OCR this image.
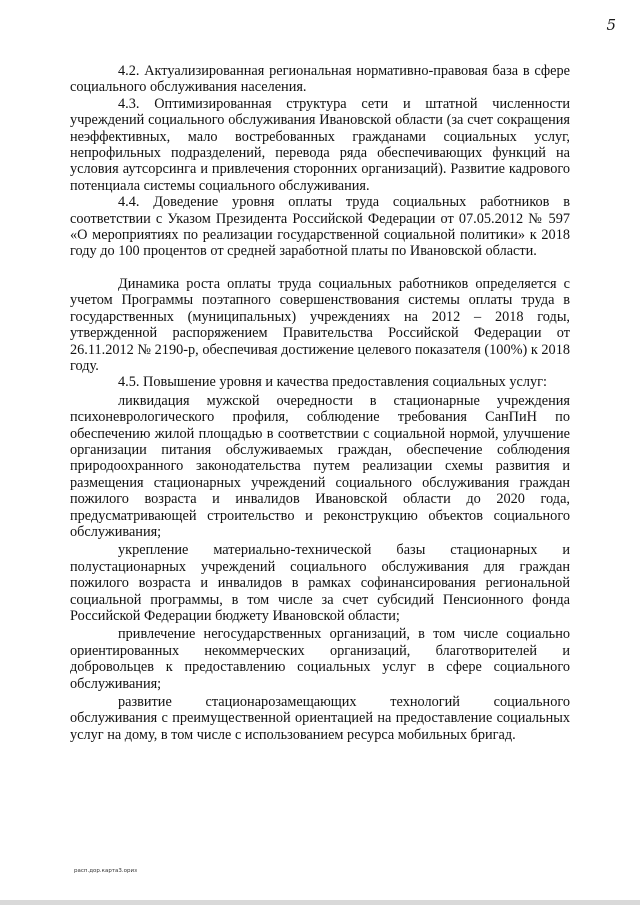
5

4.2. Актуализированная региональная нормативно-правовая база в сфере социального обслуживания населения.

4.3. Оптимизированная структура сети и штатной численности учреждений социального обслуживания Ивановской области (за счет сокращения неэффективных, мало востребованных гражданами социальных услуг, непрофильных подразделений, перевода ряда обеспечивающих функций на условия аутсорсинга и привлечения сторонних организаций). Развитие кадрового потенциала системы социального обслуживания.

4.4. Доведение уровня оплаты труда социальных работников в соответствии с Указом Президента Российской Федерации от 07.05.2012 № 597 «О мероприятиях по реализации государственной социальной политики» к 2018 году до 100 процентов от средней заработной платы по Ивановской области.

Динамика роста оплаты труда социальных работников определяется с учетом Программы поэтапного совершенствования системы оплаты труда в государственных (муниципальных) учреждениях на 2012 – 2018 годы, утвержденной распоряжением Правительства Российской Федерации от 26.11.2012 № 2190-р, обеспечивая достижение целевого показателя (100%) к 2018 году.

4.5. Повышение уровня и качества предоставления социальных услуг:

ликвидация мужской очередности в стационарные учреждения психоневрологического профиля, соблюдение требования СанПиН по обеспечению жилой площадью в соответствии с социальной нормой, улучшение организации питания обслуживаемых граждан, обеспечение соблюдения природоохранного законодательства путем реализации схемы развития и размещения стационарных учреждений социального обслуживания граждан пожилого возраста и инвалидов Ивановской области до 2020 года, предусматривающей строительство и реконструкцию объектов социального обслуживания;

укрепление материально-технической базы стационарных и полустационарных учреждений социального обслуживания для граждан пожилого возраста и инвалидов в рамках софинансирования региональной социальной программы, в том числе за счет субсидий Пенсионного фонда Российской Федерации бюджету Ивановской области;

привлечение негосударственных организаций, в том числе социально ориентированных некоммерческих организаций, благотворителей и добровольцев к предоставлению социальных услуг в сфере социального обслуживания;

развитие стационарозамещающих технологий социального обслуживания с преимущественной ориентацией на предоставление социальных услуг на дому, в том числе с использованием ресурса мобильных бригад.

расп.дор.карта3.ориз
